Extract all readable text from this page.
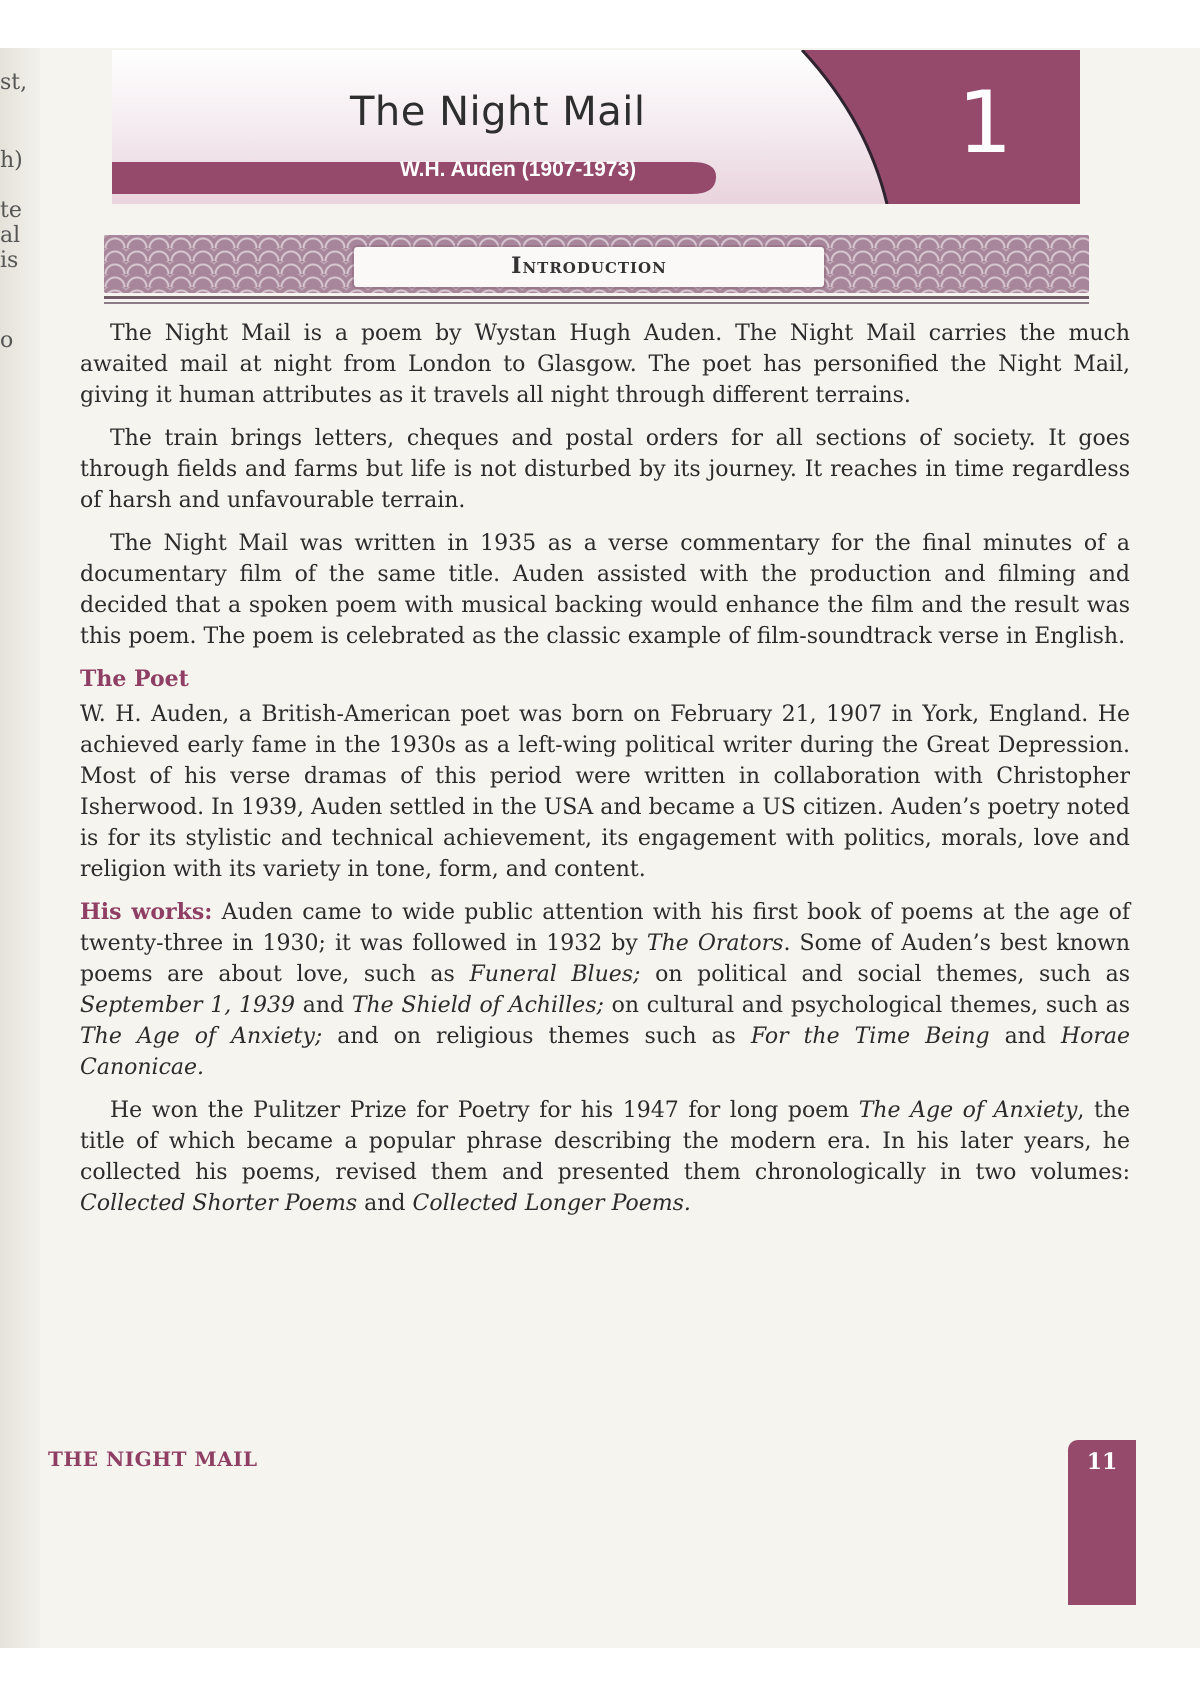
st,
h)
te
al
is
o
The Night Mail
W.H. Auden (1907-1973)	1
Introduction

The Night Mail is a poem by Wystan Hugh Auden. The Night Mail carries the much awaited mail at night from London to Glasgow. The poet has personified the Night Mail, giving it human attributes as it travels all night through different terrains.

The train brings letters, cheques and postal orders for all sections of society. It goes through fields and farms but life is not disturbed by its journey. It reaches in time regardless of harsh and unfavourable terrain.

The Night Mail was written in 1935 as a verse commentary for the final minutes of a documentary film of the same title. Auden assisted with the production and filming and decided that a spoken poem with musical backing would enhance the film and the result was this poem. The poem is celebrated as the classic example of film-soundtrack verse in English.

The Poet

W. H. Auden, a British-American poet was born on February 21, 1907 in York, England. He achieved early fame in the 1930s as a left-wing political writer during the Great Depression. Most of his verse dramas of this period were written in collaboration with Christopher Isherwood. In 1939, Auden settled in the USA and became a US citizen. Auden’s poetry noted is for its stylistic and technical achievement, its engagement with politics, morals, love and religion with its variety in tone, form, and content.

His works: Auden came to wide public attention with his first book of poems at the age of twenty-three in 1930; it was followed in 1932 by The Orators. Some of Auden’s best known poems are about love, such as Funeral Blues; on political and social themes, such as September 1, 1939 and The Shield of Achilles; on cultural and psychological themes, such as The Age of Anxiety; and on religious themes such as For the Time Being and Horae Canonicae.

He won the Pulitzer Prize for Poetry for his 1947 for long poem The Age of Anxiety, the title of which became a popular phrase describing the modern era. In his later years, he collected his poems, revised them and presented them chronologically in two volumes: Collected Shorter Poems and Collected Longer Poems.

THE NIGHT MAIL	11
